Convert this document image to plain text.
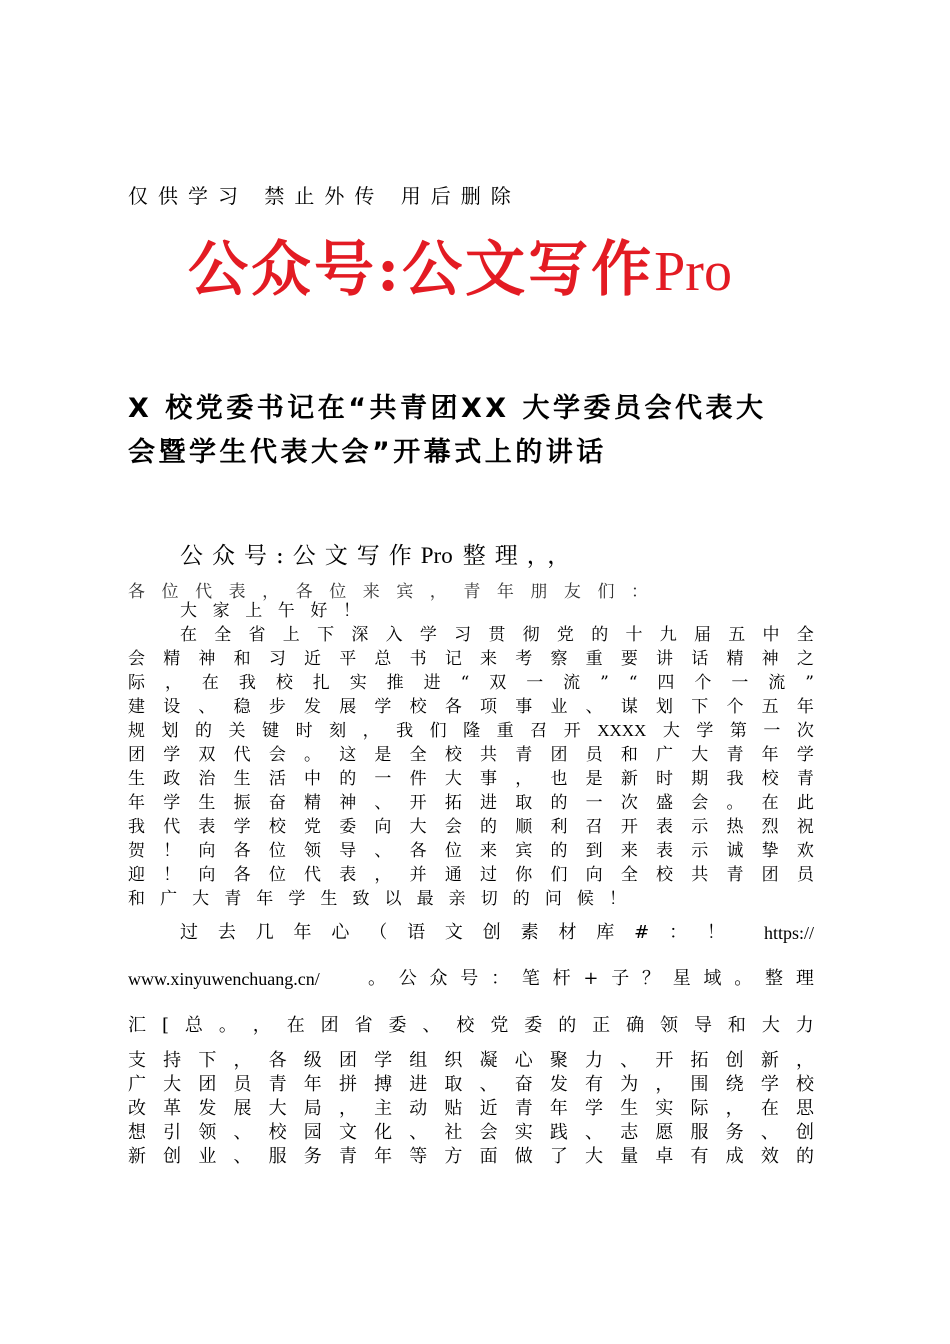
仅供学习 禁止外传 用后删除
公众号:公文写作Pro
X 校党委书记在“共青团XX 大学委员会代表大
会暨学生代表大会”开幕式上的讲话
公众号:公文写作Pro 整理，，
各 位 代 表 ， 各 位 来 宾 ， 青 年 朋 友 们 ：
大 家 上 午 好 ！
在 全 省 上 下 深 入 学 习 贯 彻 党 的 十 九 届 五 中 全
会 精 神 和 习 近 平 总 书 记 来 考 察 重 要 讲 话 精 神 之
际 ， 在 我 校 扎 实 推 进 “ 双 一 流 ” “ 四 个 一 流 ”
建 设 、 稳 步 发 展 学 校 各 项 事 业 、 谋 划 下 个 五 年
规 划 的 关 键 时 刻 ， 我 们 隆 重 召 开 XXXX 大 学 第 一 次
团 学 双 代 会 。 这 是 全 校 共 青 团 员 和 广 大 青 年 学
生 政 治 生 活 中 的 一 件 大 事 ， 也 是 新 时 期 我 校 青
年 学 生 振 奋 精 神 、 开 拓 进 取 的 一 次 盛 会 。 在 此
我 代 表 学 校 党 委 向 大 会 的 顺 利 召 开 表 示 热 烈 祝
贺 ！ 向 各 位 领 导 、 各 位 来 宾 的 到 来 表 示 诚 挚 欢
迎 ！ 向 各 位 代 表 ， 并 通 过 你 们 向 全 校 共 青 团 员
和 广 大 青 年 学 生 致 以 最 亲 切 的 问 候 ！
过 去 几 年 心 （ 语 文 创 素 材 库 # ： ！ https://
www.xinyuwenchuang.cn/	。 公 众 号 ： 笔 杆 + 子 ？ 星 域 。 整 理
汇 [ 总 。 ， 在 团 省 委 、 校 党 委 的 正 确 领 导 和 大 力
支 持 下 ， 各 级 团 学 组 织 凝 心 聚 力 、 开 拓 创 新 ，
广 大 团 员 青 年 拼 搏 进 取 、 奋 发 有 为 ， 围 绕 学 校
改 革 发 展 大 局 ， 主 动 贴 近 青 年 学 生 实 际 ， 在 思
想 引 领 、 校 园 文 化 、 社 会 实 践 、 志 愿 服 务 、 创
新 创 业 、 服 务 青 年 等 方 面 做 了 大 量 卓 有 成 效 的
